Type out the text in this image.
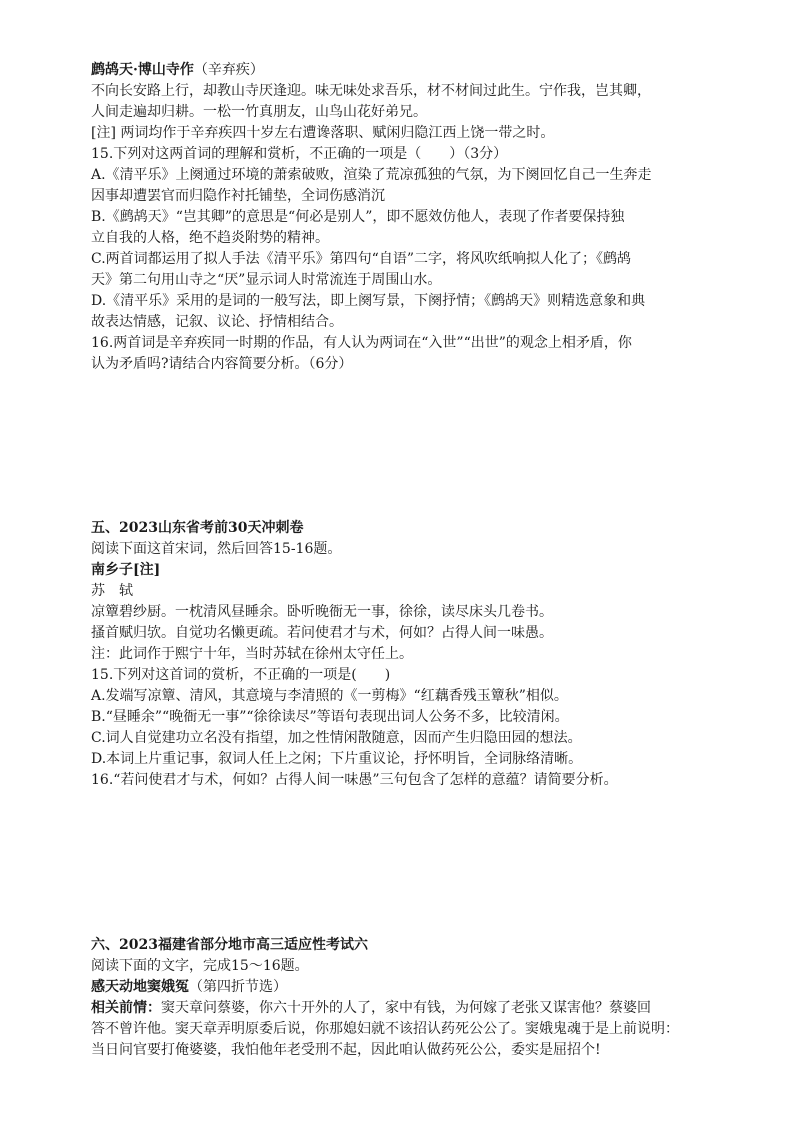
鹧鸪天·博山寺作（辛弃疾）
不向长安路上行，却教山寺厌逢迎。味无味处求吾乐，材不材间过此生。宁作我，岂其卿，
人间走遍却归耕。一松一竹真朋友，山鸟山花好弟兄。
[注] 两词均作于辛弃疾四十岁左右遭谗落职、赋闲归隐江西上饶一带之时。
15.下列对这两首词的理解和赏析，不正确的一项是（　　）（3分）
A.《清平乐》上阕通过环境的萧索破败，渲染了荒凉孤独的气氛，为下阕回忆自己一生奔走
因事却遭罢官而归隐作衬托铺垫，全词伤感消沉
B.《鹧鸪天》“岂其卿”的意思是“何必是别人”，即不愿效仿他人，表现了作者要保持独
立自我的人格，绝不趋炎附势的精神。
C.两首词都运用了拟人手法《清平乐》第四句“自语”二字，将风吹纸响拟人化了；《鹧鸪
天》第二句用山寺之“厌”显示词人时常流连于周围山水。
D.《清平乐》采用的是词的一般写法，即上阕写景，下阕抒情；《鹧鸪天》则精选意象和典
故表达情感，记叙、议论、抒情相结合。
16.两首词是辛弃疾同一时期的作品，有人认为两词在“入世”“出世”的观念上相矛盾，你
认为矛盾吗?请结合内容简要分析。（6分）
五、2023山东省考前30天冲刺卷
阅读下面这首宋词，然后回答15-16题。
南乡子[注]
苏　轼
凉簟碧纱厨。一枕清风昼睡余。卧听晚衙无一事，徐徐，读尽床头几卷书。
搔首赋归欤。自觉功名懒更疏。若问使君才与术，何如？占得人间一味愚。
注：此词作于熙宁十年，当时苏轼在徐州太守任上。
15.下列对这首词的赏析，不正确的一项是(　　)
A.发端写凉簟、清风，其意境与李清照的《一剪梅》“红藕香残玉簟秋”相似。
B.“昼睡余”“晚衙无一事”“徐徐读尽”等语句表现出词人公务不多，比较清闲。
C.词人自觉建功立名没有指望，加之性情闲散随意，因而产生归隐田园的想法。
D.本词上片重记事，叙词人任上之闲；下片重议论，抒怀明旨，全词脉络清晰。
16.“若问使君才与术，何如？占得人间一味愚”三句包含了怎样的意蕴？请简要分析。
六、2023福建省部分地市高三适应性考试六
阅读下面的文字，完成15～16题。
感天动地窦娥冤（第四折节选）
相关前情：窦天章问蔡婆，你六十开外的人了，家中有钱，为何嫁了老张又谋害他？蔡婆回
答不曾许他。窦天章弄明原委后说，你那媳妇就不该招认药死公公了。窦娥鬼魂于是上前说明：
当日问官要打俺婆婆，我怕他年老受刑不起，因此咱认做药死公公，委实是屈招个!
